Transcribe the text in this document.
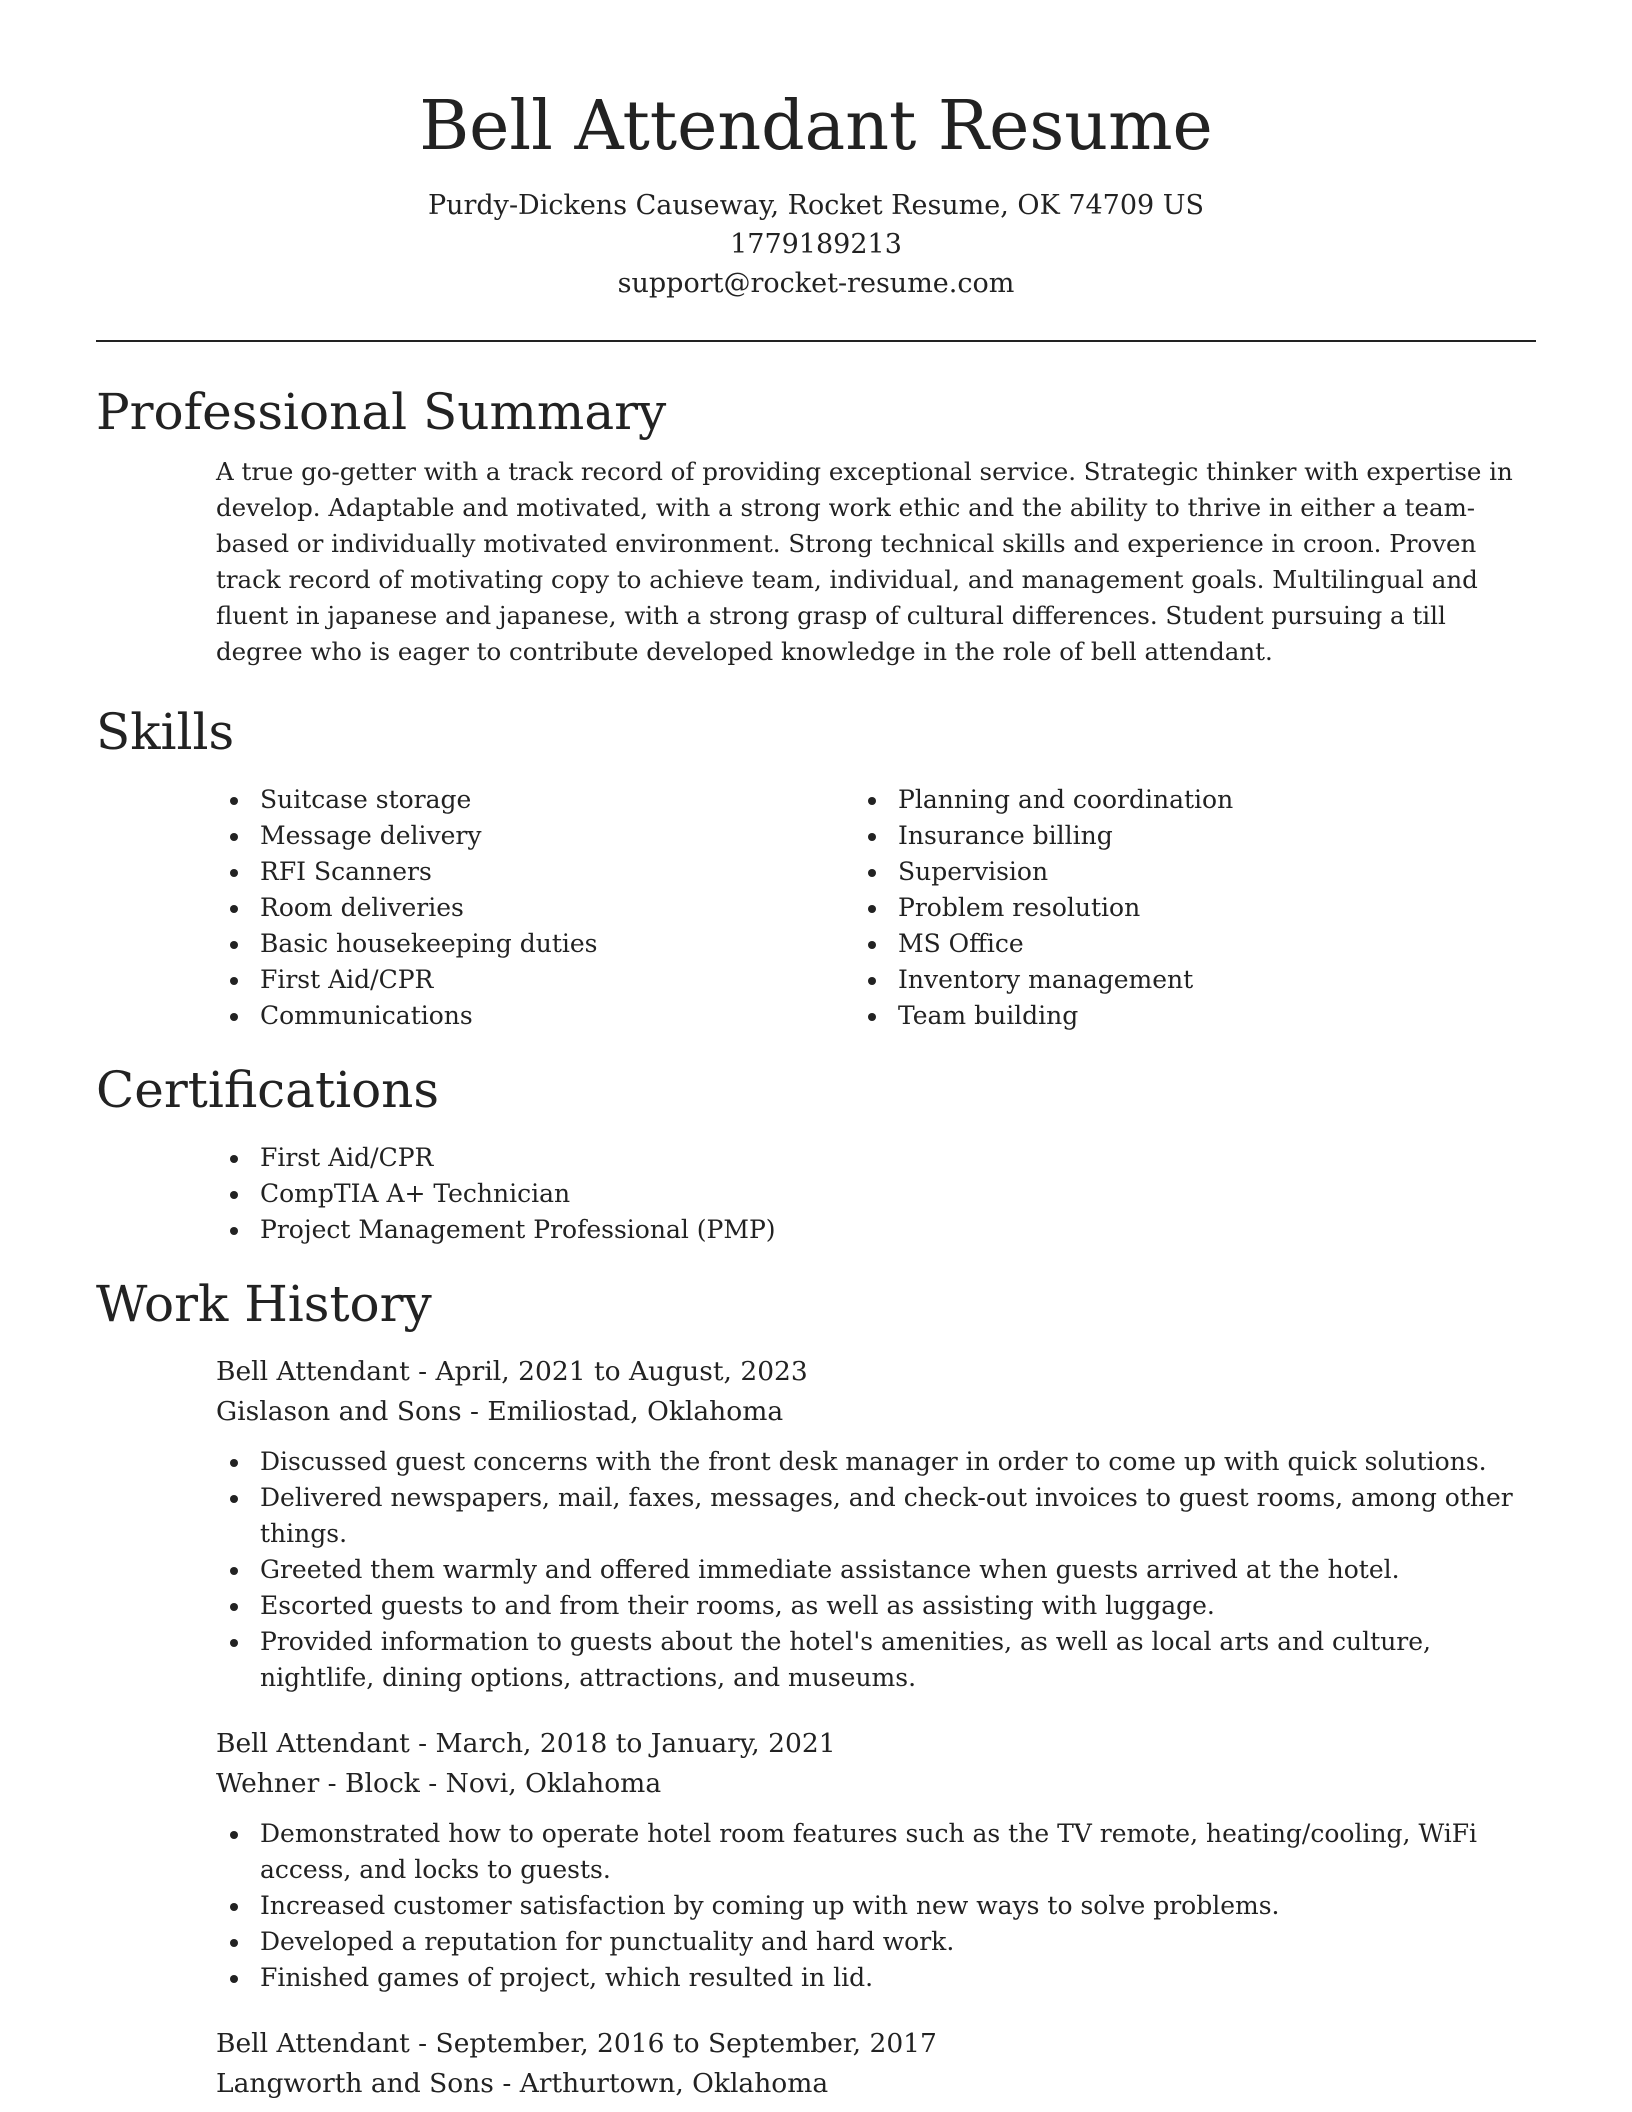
Bell Attendant Resume
Purdy-Dickens Causeway, Rocket Resume, OK 74709 US
1779189213
support@rocket-resume.com
Professional Summary

A true go-getter with a track record of providing exceptional service. Strategic thinker with expertise in develop. Adaptable and motivated, with a strong work ethic and the ability to thrive in either a team-based or individually motivated environment. Strong technical skills and experience in croon. Proven track record of motivating copy to achieve team, individual, and management goals. Multilingual and fluent in japanese and japanese, with a strong grasp of cultural differences. Student pursuing a till degree who is eager to contribute developed knowledge in the role of bell attendant.

Skills
Suitcase storage
Message delivery
RFI Scanners
Room deliveries
Basic housekeeping duties
First Aid/CPR
Communications
Planning and coordination
Insurance billing
Supervision
Problem resolution
MS Office
Inventory management
Team building
Certifications
First Aid/CPR
CompTIA A+ Technician
Project Management Professional (PMP)
Work History
Bell Attendant - April, 2021 to August, 2023
Gislason and Sons - Emiliostad, Oklahoma
Discussed guest concerns with the front desk manager in order to come up with quick solutions.
Delivered newspapers, mail, faxes, messages, and check-out invoices to guest rooms, among other things.
Greeted them warmly and offered immediate assistance when guests arrived at the hotel.
Escorted guests to and from their rooms, as well as assisting with luggage.
Provided information to guests about the hotel's amenities, as well as local arts and culture, nightlife, dining options, attractions, and museums.
Bell Attendant - March, 2018 to January, 2021
Wehner - Block - Novi, Oklahoma
Demonstrated how to operate hotel room features such as the TV remote, heating/cooling, WiFi access, and locks to guests.
Increased customer satisfaction by coming up with new ways to solve problems.
Developed a reputation for punctuality and hard work.
Finished games of project, which resulted in lid.
Bell Attendant - September, 2016 to September, 2017
Langworth and Sons - Arthurtown, Oklahoma
